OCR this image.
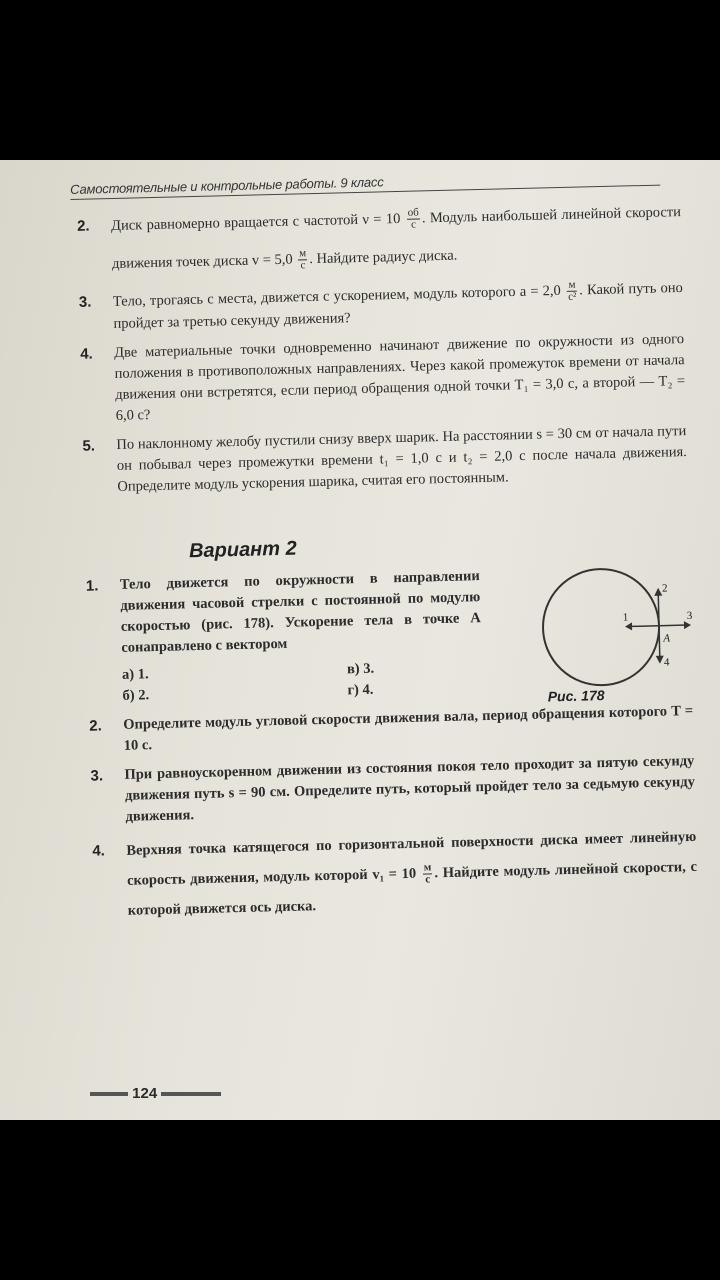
Самостоятельные и контрольные работы. 9 класс
2. Диск равномерно вращается с частотой $\nu = 10 \frac{об}{с}$ . Модуль наибольшей линейной скорости движения точек диска $v = 5,0 \frac{м}{с}$ . Найдите радиус диска.
3. Тело, трогаясь с места, движется с ускорением, модуль которого $a = 2,0 \frac{м}{\text{с²}}$ . Какой путь оно пройдет за третью секунду движения?
4. Две материальные точки одновременно начинают движение по окружности из одного положения в противоположных направлениях. Через какой промежуток времени от начала движения они встретятся, если период обращения одной точки T₁ = 3,0 с, а второй — T₂ = 6,0 с?
5. По наклонному желобу пустили снизу вверх шарик. На расстоянии s = 30 см от начала пути он побывал через промежутки времени t₁ = 1,0 с и t₂ = 2,0 с после начала движения. Определите модуль ускорения шарика, считая его постоянным.
Вариант 2
1. Тело движется по окружности в направлении движения часовой стрелки с постоянной по модулю скоростью (рис. 178). Ускорение тела в точке A сонаправлено с вектором
а) 1.	в) 3.
б) 2.	г) 4.
1
2
3
4
A
Рис. 178
2. Определите модуль угловой скорости движения вала, период обращения которого T = 10 с.
3. При равноускоренном движении из состояния покоя тело проходит за пятую секунду движения путь s = 90 см. Определите путь, который пройдет тело за седьмую секунду движения.
4. Верхняя точка катящегося по горизонтальной поверхности диска имеет линейную скорость движения, модуль которой $v_1 = 10 \frac{м}{с}$ . Найдите модуль линейной скорости, с которой движется ось диска.
124
